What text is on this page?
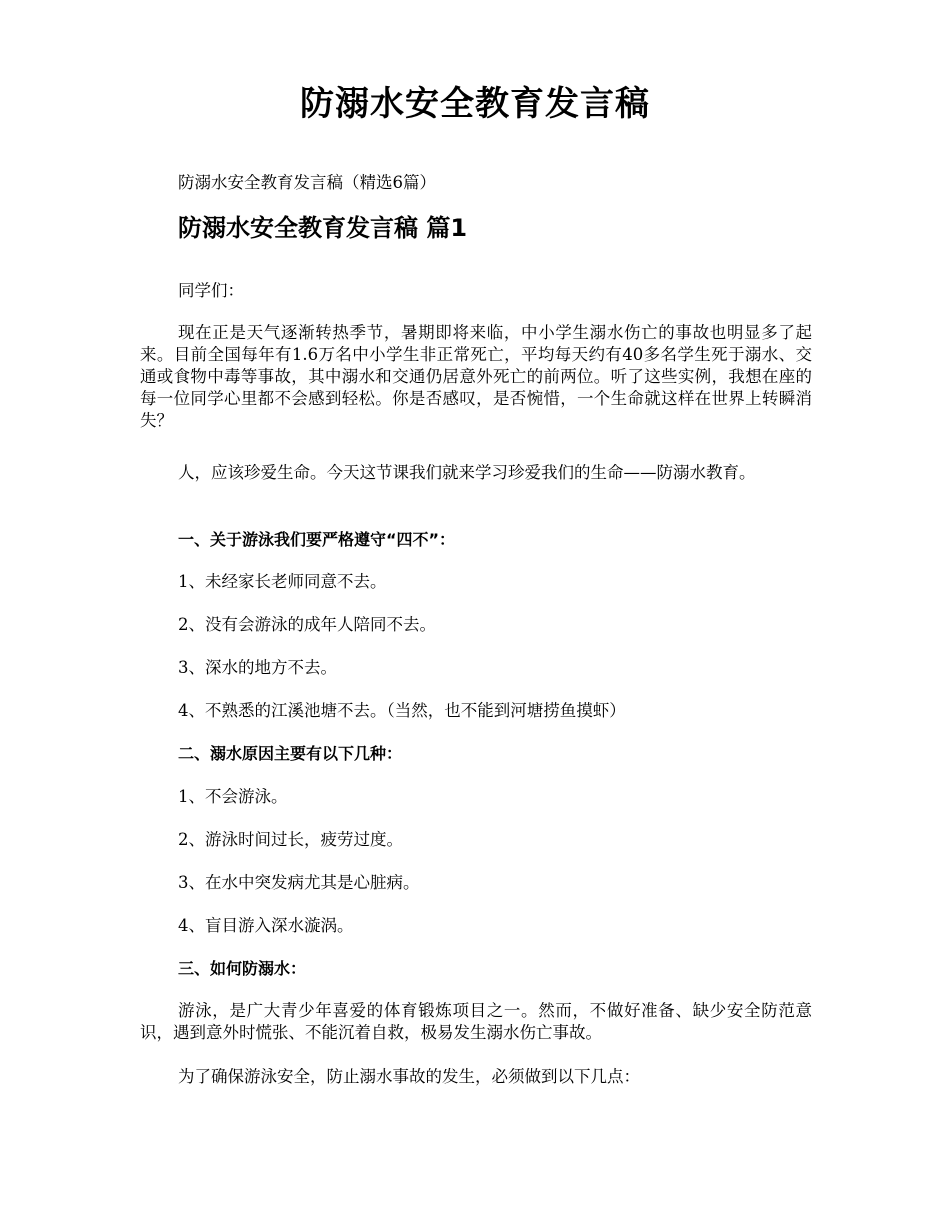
防溺水安全教育发言稿

防溺水安全教育发言稿（精选6篇）

防溺水安全教育发言稿 篇1

同学们：

现在正是天气逐渐转热季节，暑期即将来临，中小学生溺水伤亡的事故也明显多了起来。目前全国每年有1.6万名中小学生非正常死亡，平均每天约有40多名学生死于溺水、交通或食物中毒等事故，其中溺水和交通仍居意外死亡的前两位。听了这些实例，我想在座的每一位同学心里都不会感到轻松。你是否感叹，是否惋惜，一个生命就这样在世界上转瞬消失？

人，应该珍爱生命。今天这节课我们就来学习珍爱我们的生命——防溺水教育。

一、关于游泳我们要严格遵守“四不”：

1、未经家长老师同意不去。

2、没有会游泳的成年人陪同不去。

3、深水的地方不去。

4、不熟悉的江溪池塘不去。（当然，也不能到河塘捞鱼摸虾）

二、溺水原因主要有以下几种：

1、不会游泳。

2、游泳时间过长，疲劳过度。

3、在水中突发病尤其是心脏病。

4、盲目游入深水漩涡。

三、如何防溺水：

游泳，是广大青少年喜爱的体育锻炼项目之一。然而，不做好准备、缺少安全防范意识，遇到意外时慌张、不能沉着自救，极易发生溺水伤亡事故。

为了确保游泳安全，防止溺水事故的发生，必须做到以下几点：
